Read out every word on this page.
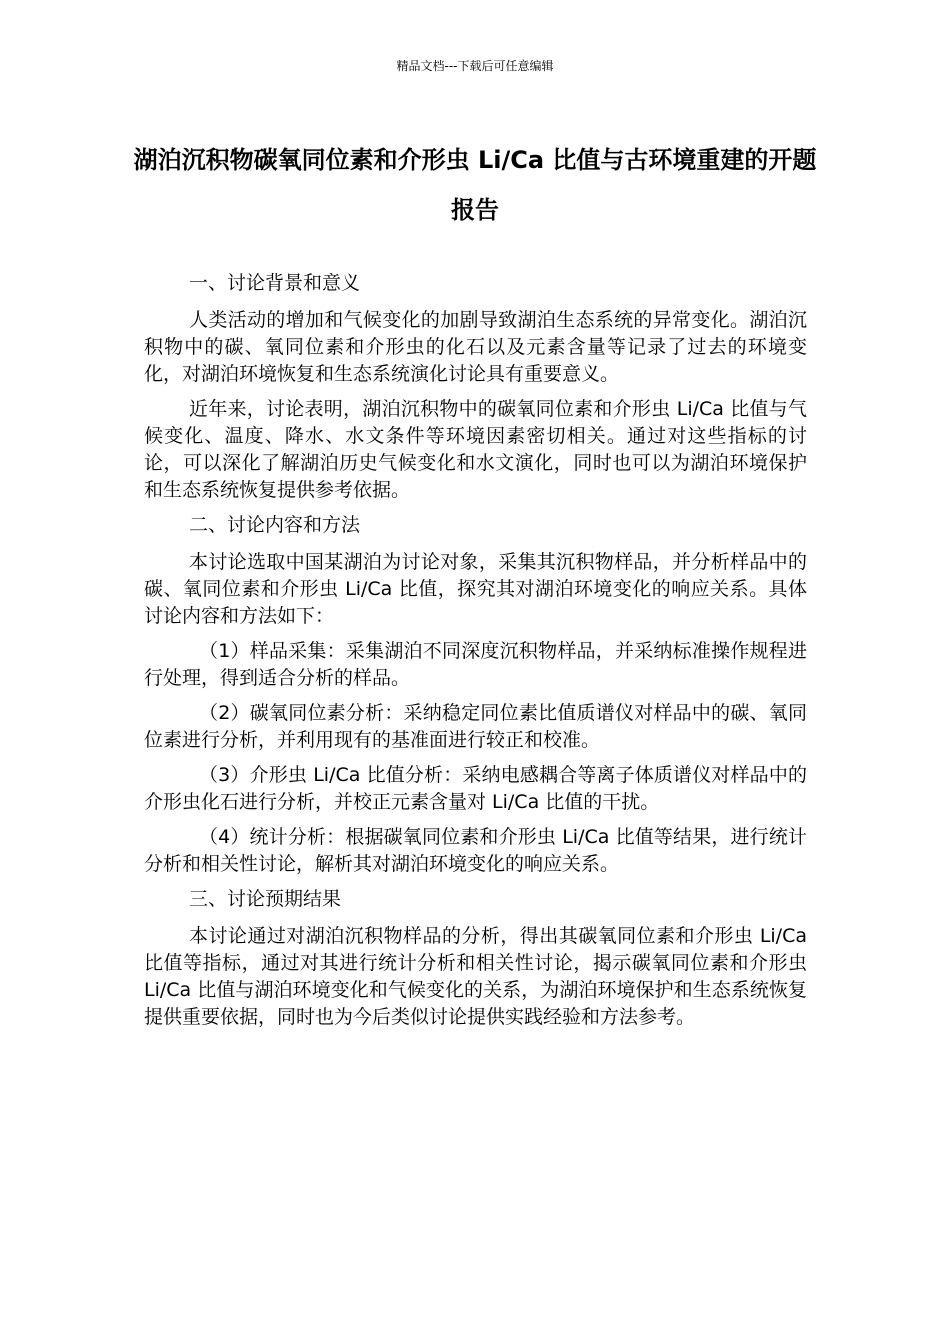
精品文档---下载后可任意编辑
湖泊沉积物碳氧同位素和介形虫 Li/Ca 比值与古环境重建的开题报告

一、讨论背景和意义

人类活动的增加和气候变化的加剧导致湖泊生态系统的异常变化。湖泊沉积物中的碳、氧同位素和介形虫的化石以及元素含量等记录了过去的环境变化，对湖泊环境恢复和生态系统演化讨论具有重要意义。

近年来，讨论表明，湖泊沉积物中的碳氧同位素和介形虫 Li/Ca 比值与气候变化、温度、降水、水文条件等环境因素密切相关。通过对这些指标的讨论，可以深化了解湖泊历史气候变化和水文演化，同时也可以为湖泊环境保护和生态系统恢复提供参考依据。

二、讨论内容和方法

本讨论选取中国某湖泊为讨论对象，采集其沉积物样品，并分析样品中的碳、氧同位素和介形虫 Li/Ca 比值，探究其对湖泊环境变化的响应关系。具体讨论内容和方法如下：

（1）样品采集：采集湖泊不同深度沉积物样品，并采纳标准操作规程进行处理，得到适合分析的样品。

（2）碳氧同位素分析：采纳稳定同位素比值质谱仪对样品中的碳、氧同位素进行分析，并利用现有的基准面进行较正和校准。

（3）介形虫 Li/Ca 比值分析：采纳电感耦合等离子体质谱仪对样品中的介形虫化石进行分析，并校正元素含量对 Li/Ca 比值的干扰。

（4）统计分析：根据碳氧同位素和介形虫 Li/Ca 比值等结果，进行统计分析和相关性讨论，解析其对湖泊环境变化的响应关系。

三、讨论预期结果

本讨论通过对湖泊沉积物样品的分析，得出其碳氧同位素和介形虫 Li/Ca 比值等指标，通过对其进行统计分析和相关性讨论，揭示碳氧同位素和介形虫 Li/Ca 比值与湖泊环境变化和气候变化的关系，为湖泊环境保护和生态系统恢复提供重要依据，同时也为今后类似讨论提供实践经验和方法参考。
